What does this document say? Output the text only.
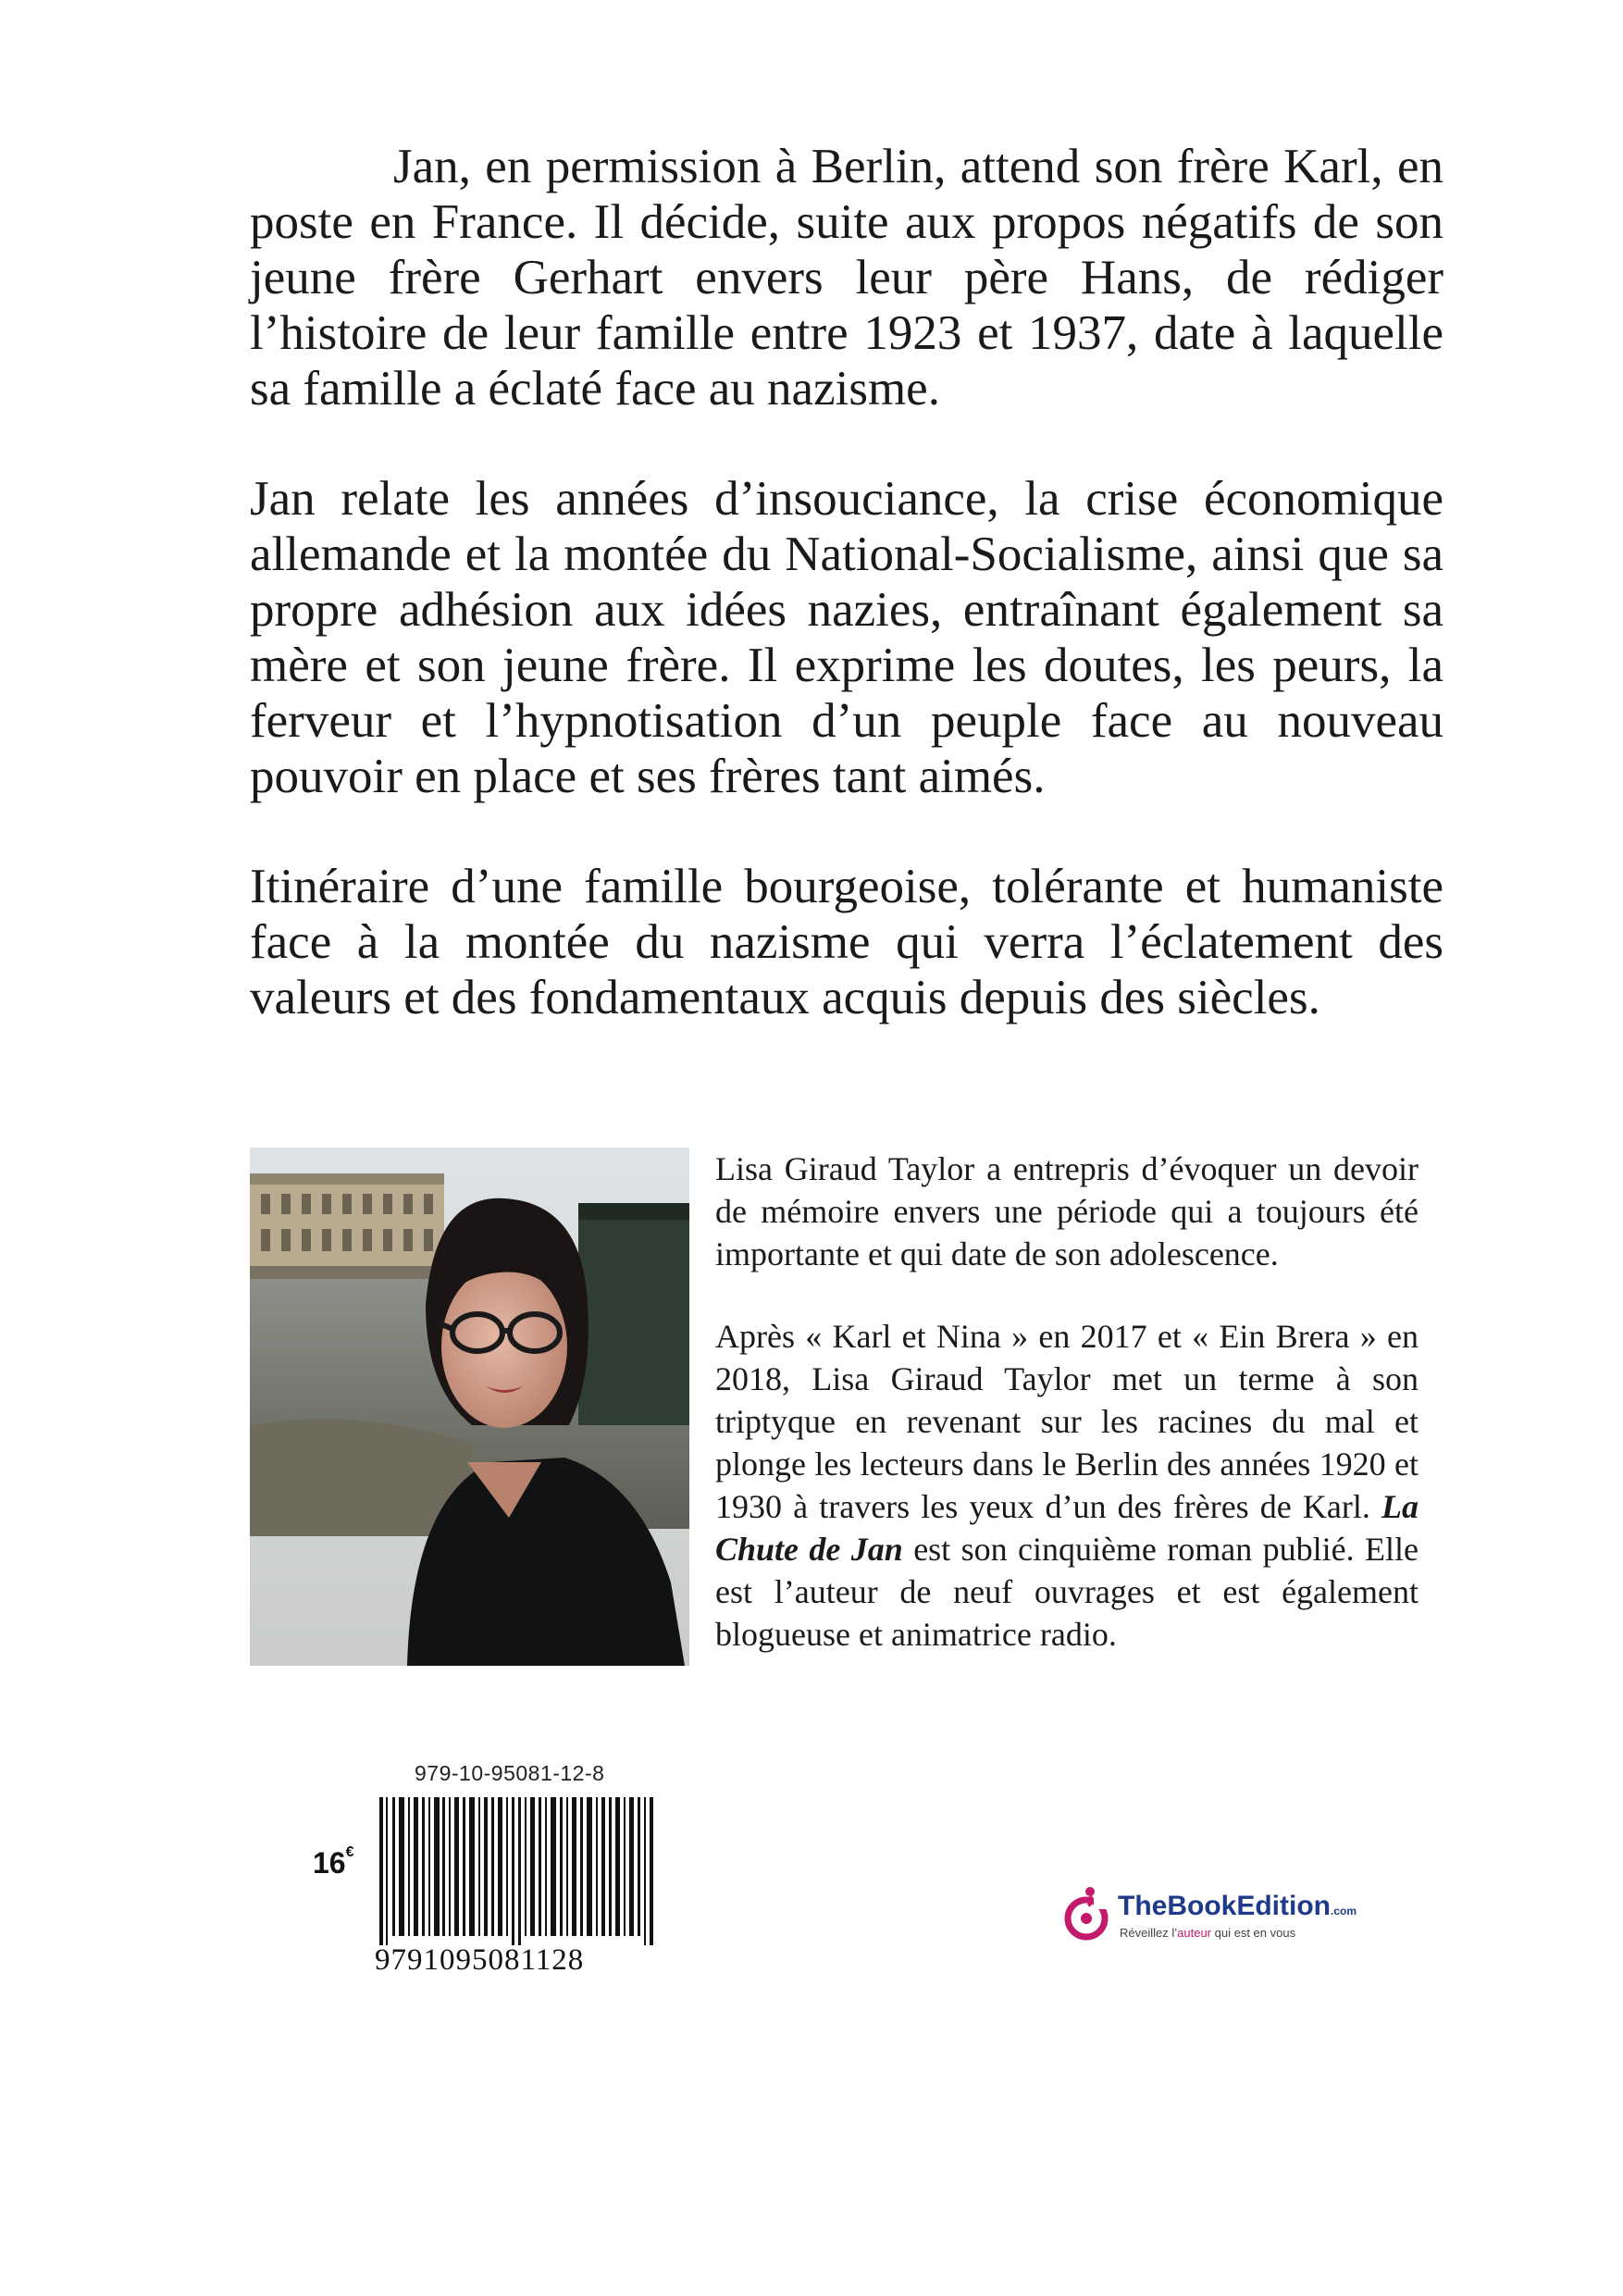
Jan, en permission à Berlin, attend son frère Karl, en poste en France. Il décide, suite aux propos négatifs de son jeune frère Gerhart envers leur père Hans, de rédiger l’histoire de leur famille entre 1923 et 1937, date à laquelle sa famille a éclaté face au nazisme.

Jan relate les années d’insouciance, la crise économique allemande et la montée du National-Socialisme, ainsi que sa propre adhésion aux idées nazies, entraînant également sa mère et son jeune frère. Il exprime les doutes, les peurs, la ferveur et l’hypnotisation d’un peuple face au nouveau pouvoir en place et ses frères tant aimés.

Itinéraire d’une famille bourgeoise, tolérante et humaniste face à la montée du nazisme qui verra l’éclatement des valeurs et des fondamentaux acquis depuis des siècles.

Lisa Giraud Taylor a entrepris d’évoquer un devoir de mémoire envers une période qui a toujours été importante et qui date de son adolescence.

Après « Karl et Nina » en 2017 et « Ein Brera » en 2018, Lisa Giraud Taylor met un terme à son triptyque en revenant sur les racines du mal et plonge les lecteurs dans le Berlin des années 1920 et 1930 à travers les yeux d’un des frères de Karl. La Chute de Jan est son cinquième roman publié. Elle est l’auteur de neuf ouvrages et est également blogueuse et animatrice radio.

979-10-95081-12-8
16€
9791095081128
TheBookEdition.com
Réveillez l’auteur qui est en vous
